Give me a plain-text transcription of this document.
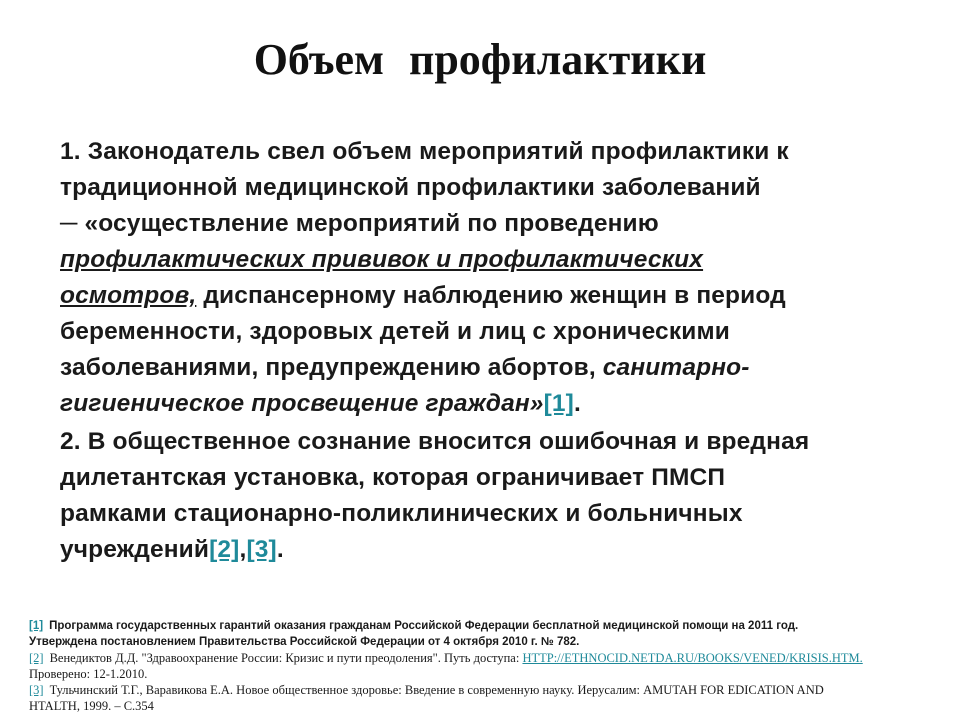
Объем профилактики

1. Законодатель свел объем мероприятий профилактики к
традиционной медицинской профилактики заболеваний
─ «осуществление мероприятий по проведению
профилактических прививок и профилактических
осмотров, диспансерному наблюдению женщин в период
беременности, здоровых детей и лиц с хроническими
заболеваниями, предупреждению абортов, санитарно-
гигиеническое просвещение граждан»[1].

2. В общественное сознание вносится ошибочная и вредная
дилетантская установка, которая ограничивает ПМСП
рамками стационарно-поликлинических и больничных
учреждений[2],[3].

[1] Программа государственных гарантий оказания гражданам Российской Федерации бесплатной медицинской помощи на 2011 год.
Утверждена постановлением Правительства Российской Федерации от 4 октября 2010 г. № 782.

[2] Венедиктов Д.Д. "Здравоохранение России: Кризис и пути преодоления". Путь доступа: HTTP://ETHNOCID.NETDA.RU/BOOKS/VENED/KRISIS.HTM.
Проверено: 12-1.2010.

[3] Тульчинский Т.Г., Варавикова Е.А. Новое общественное здоровье: Введение в современную науку. Иерусалим: AMUTAH FOR EDICATION AND
HTALTH, 1999. – С.354
